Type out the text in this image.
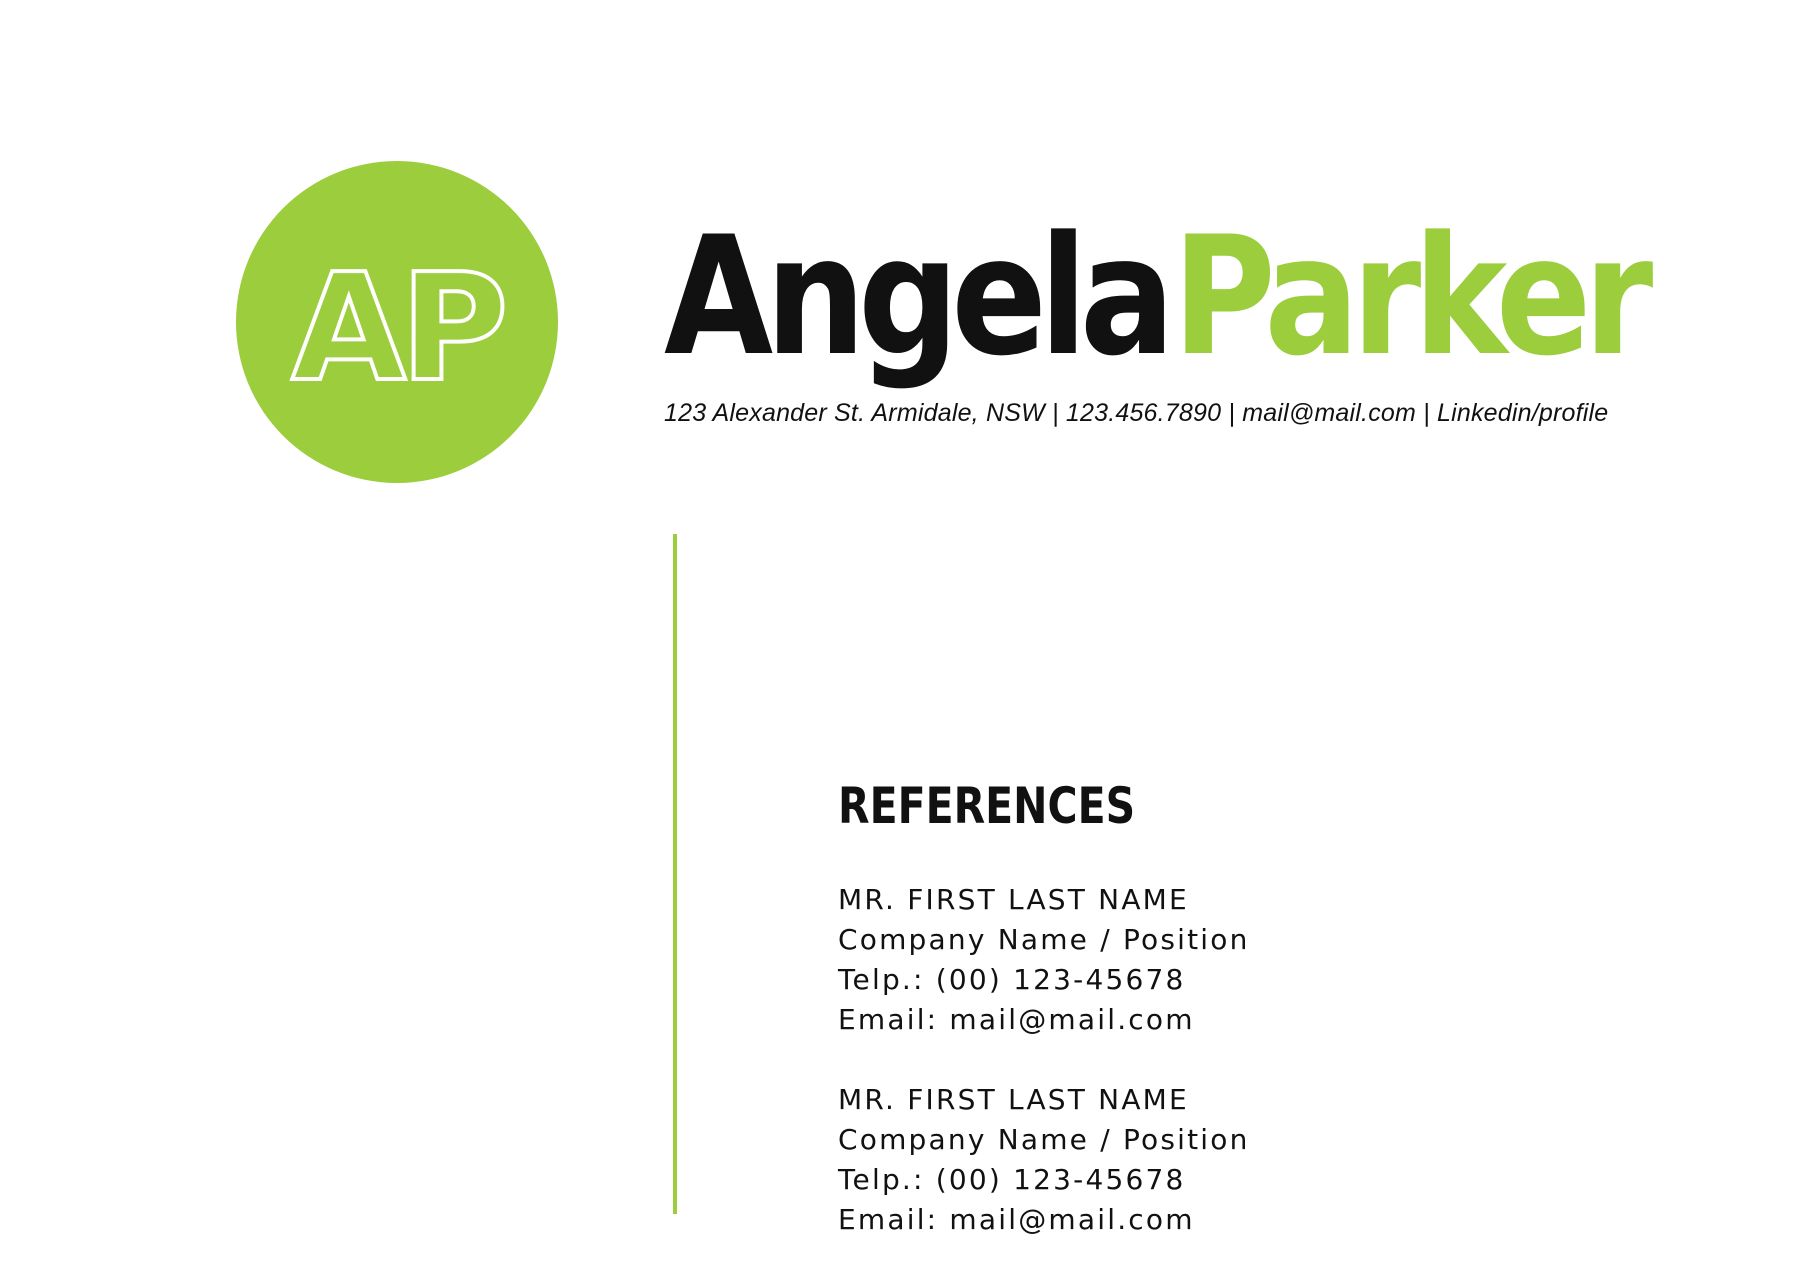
AP AngelaParker
123 Alexander St. Armidale, NSW | 123.456.7890 | mail@mail.com | Linkedin/profile
REFERENCES
MR. FIRST LAST NAME
Company Name / Position
Telp.: (00) 123-45678
Email: mail@mail.com
MR. FIRST LAST NAME
Company Name / Position
Telp.: (00) 123-45678
Email: mail@mail.com
